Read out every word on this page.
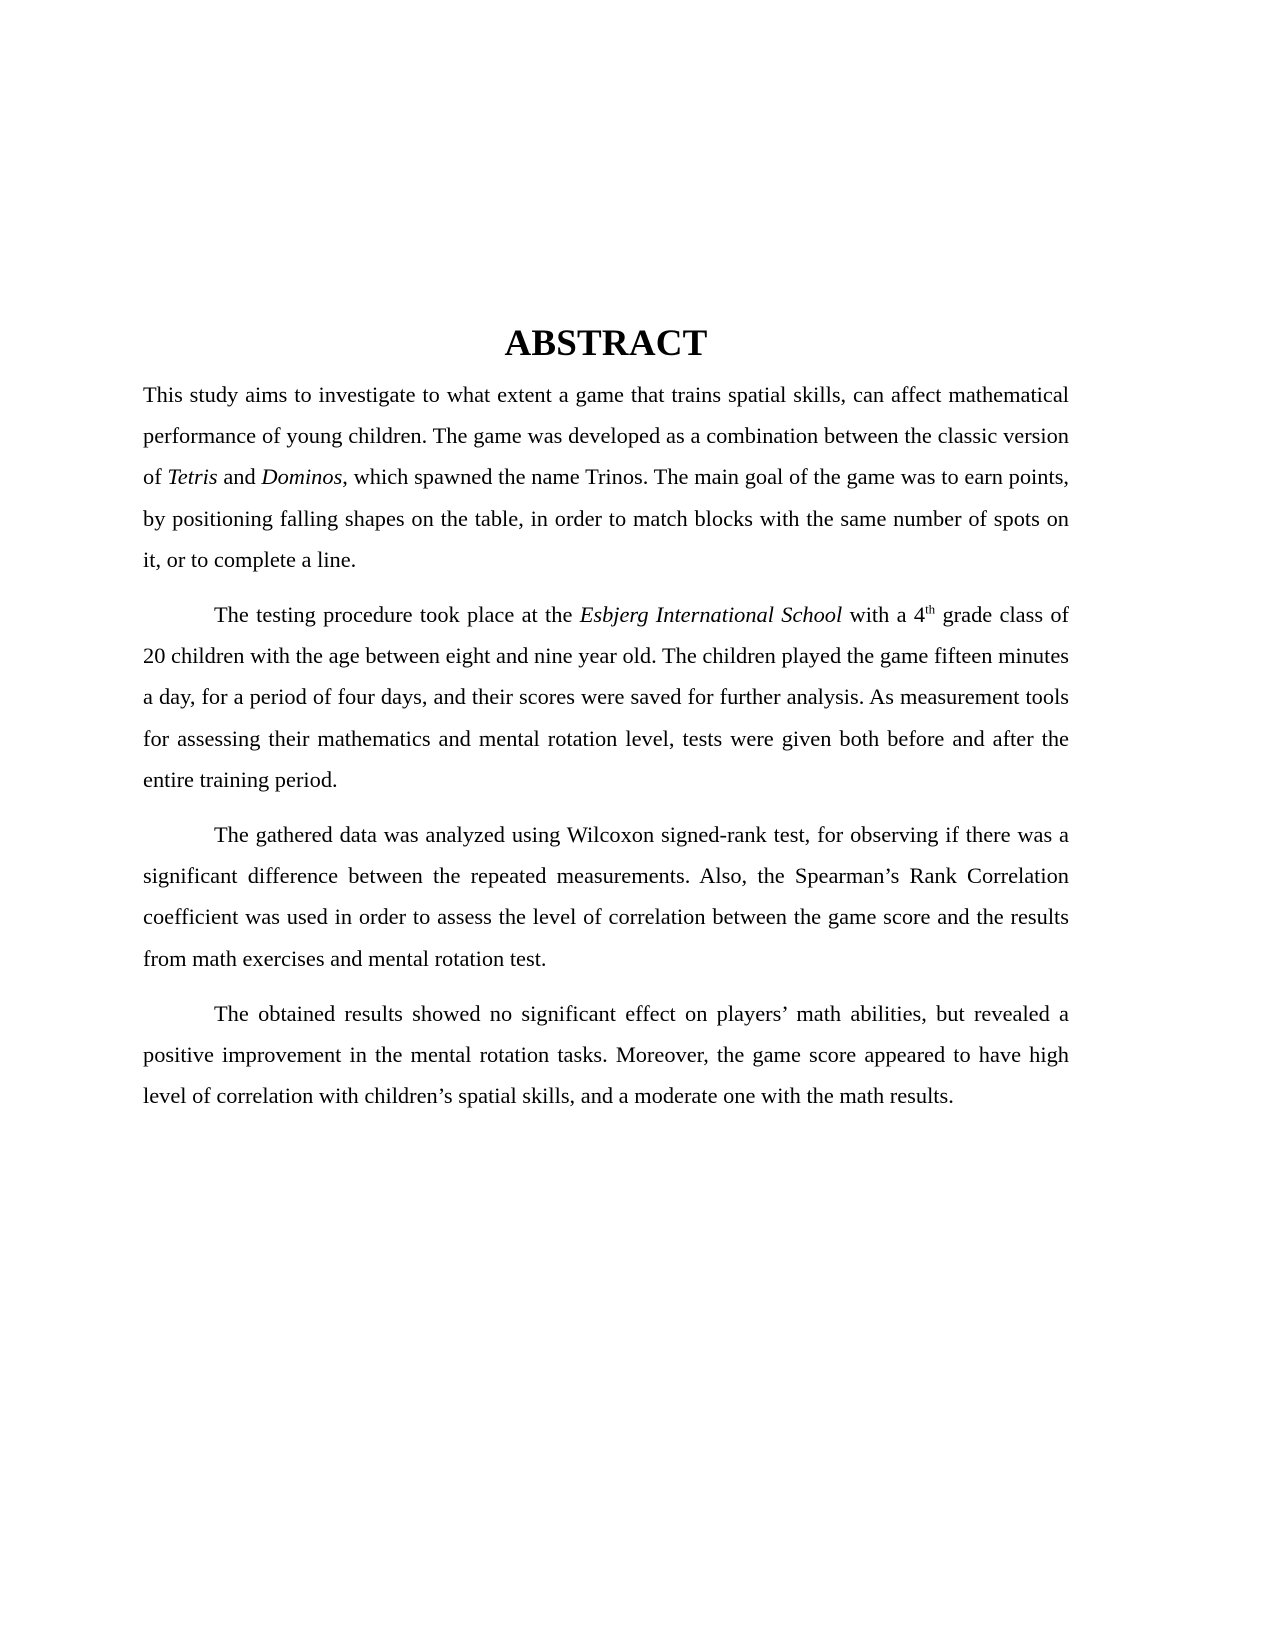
ABSTRACT

This study aims to investigate to what extent a game that trains spatial skills, can affect mathematical performance of young children. The game was developed as a combination between the classic version of Tetris and Dominos, which spawned the name Trinos. The main goal of the game was to earn points, by positioning falling shapes on the table, in order to match blocks with the same number of spots on it, or to complete a line.

The testing procedure took place at the Esbjerg International School with a 4th grade class of 20 children with the age between eight and nine year old. The children played the game fifteen minutes a day, for a period of four days, and their scores were saved for further analysis. As measurement tools for assessing their mathematics and mental rotation level, tests were given both before and after the entire training period.

The gathered data was analyzed using Wilcoxon signed-rank test, for observing if there was a significant difference between the repeated measurements. Also, the Spearman’s Rank Correlation coefficient was used in order to assess the level of correlation between the game score and the results from math exercises and mental rotation test.

The obtained results showed no significant effect on players’ math abilities, but revealed a positive improvement in the mental rotation tasks. Moreover, the game score appeared to have high level of correlation with children’s spatial skills, and a moderate one with the math results.
